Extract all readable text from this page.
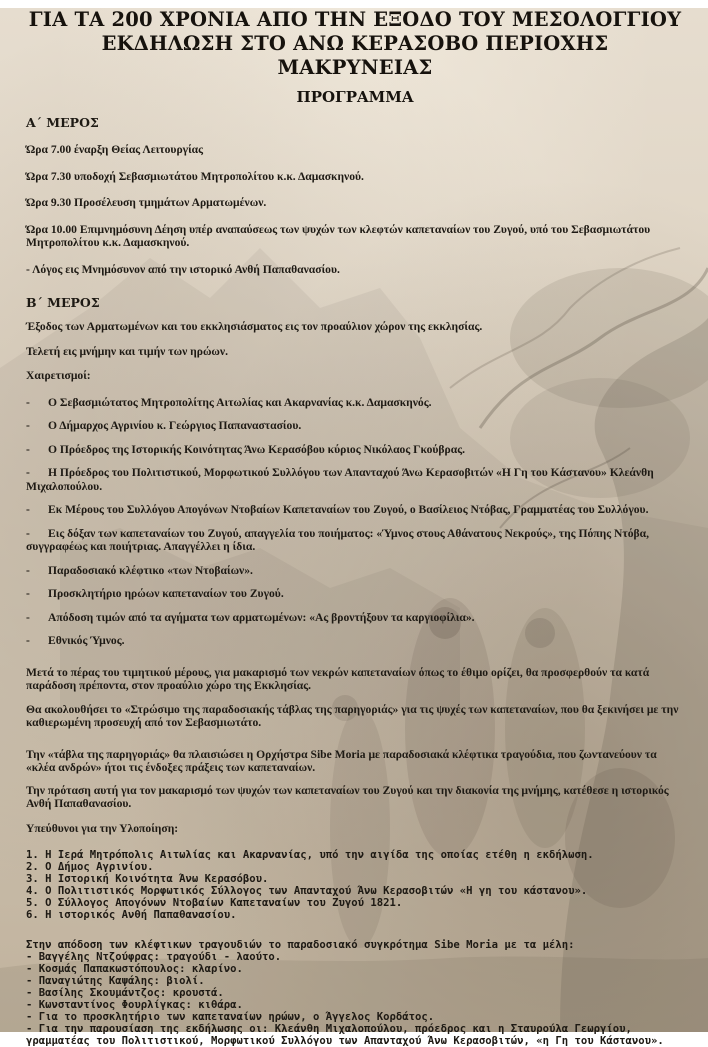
ΓΙΑ ΤΑ 200 ΧΡΟΝΙΑ ΑΠΟ ΤΗΝ ΕΞΟΔΟ ΤΟΥ ΜΕΣΟΛΟΓΓΙΟΥ
ΕΚΔΗΛΩΣΗ ΣΤΟ ΑΝΩ ΚΕΡΑΣΟΒΟ ΠΕΡΙΟΧΗΣ ΜΑΚΡΥΝΕΙΑΣ
ΠΡΟΓΡΑΜΜΑ
Α΄ ΜΕΡΟΣ
Ώρα 7.00 έναρξη Θείας Λειτουργίας
Ώρα 7.30 υποδοχή Σεβασμιωτάτου Μητροπολίτου κ.κ. Δαμασκηνού.
Ώρα 9.30 Προσέλευση τμημάτων Αρματωμένων.
Ώρα 10.00 Επιμνημόσυνη Δέηση υπέρ αναπαύσεως των ψυχών των κλεφτών καπεταναίων του Ζυγού, υπό του Σεβασμιωτάτου Μητροπολίτου κ.κ. Δαμασκηνού.
- Λόγος εις Μνημόσυνον από την ιστορικό Ανθή Παπαθανασίου.
Β΄ ΜΕΡΟΣ
Έξοδος των Αρματωμένων και του εκκλησιάσματος εις τον προαύλιον χώρον της εκκλησίας.
Τελετή εις μνήμην και τιμήν των ηρώων.
Χαιρετισμοί:
- Ο Σεβασμιώτατος Μητροπολίτης Αιτωλίας και Ακαρνανίας κ.κ. Δαμασκηνός.
- Ο Δήμαρχος Αγρινίου κ. Γεώργιος Παπαναστασίου.
- Ο Πρόεδρος της Ιστορικής Κοινότητας Άνω Κερασόβου κύριος Νικόλαος Γκούβρας.
- Η Πρόεδρος του Πολιτιστικού, Μορφωτικού Συλλόγου των Απανταχού Άνω Κερασοβιτών «Η Γη του Κάστανου» Κλεάνθη Μιχαλοπούλου.
- Εκ Μέρους του Συλλόγου Απογόνων Ντοβαίων Καπεταναίων του Ζυγού, ο Βασίλειος Ντόβας, Γραμματέας του Συλλόγου.
- Εις δόξαν των καπεταναίων του Ζυγού, απαγγελία του ποιήματος: «Ύμνος στους Αθάνατους Νεκρούς», της Πόπης Ντόβα, συγγραφέως και ποιήτριας. Απαγγέλλει η ίδια.
- Παραδοσιακό κλέφτικο «των Ντοβαίων».
- Προσκλητήριο ηρώων καπεταναίων του Ζυγού.
- Απόδοση τιμών από τα αγήματα των αρματωμένων: «Ας βροντήξουν τα καργιοφίλια».
- Εθνικός Ύμνος.
Μετά το πέρας του τιμητικού μέρους, για μακαρισμό των νεκρών καπεταναίων όπως το έθιμο ορίζει, θα προσφερθούν τα κατά παράδοση πρέποντα, στον προαύλιο χώρο της Εκκλησίας.
Θα ακολουθήσει το «Στρώσιμο της παραδοσιακής τάβλας της παρηγοριάς» για τις ψυχές των καπεταναίων, που θα ξεκινήσει με την καθιερωμένη προσευχή από τον Σεβασμιωτάτο.
Την «τάβλα της παρηγοριάς» θα πλαισιώσει η Ορχήστρα Sibe Moria με παραδοσιακά κλέφτικα τραγούδια, που ζωντανεύουν τα «κλέα ανδρών» ήτοι τις ένδοξες πράξεις των καπεταναίων.
Την πρόταση αυτή για τον μακαρισμό των ψυχών των καπεταναίων του Ζυγού και την διακονία της μνήμης, κατέθεσε η ιστορικός Ανθή Παπαθανασίου.
Υπεύθυνοι για την Υλοποίηση:
1. Η Ιερά Μητρόπολις Αιτωλίας και Ακαρνανίας, υπό την αιγίδα της οποίας ετέθη η εκδήλωση.
2. Ο Δήμος Αγρινίου.
3. Η Ιστορική Κοινότητα Άνω Κερασόβου.
4. Ο Πολιτιστικός Μορφωτικός Σύλλογος των Απανταχού Άνω Κερασοβιτών «Η γη του κάστανου».
5. Ο Σύλλογος Απογόνων Ντοβαίων Καπεταναίων του Ζυγού 1821.
6. Η ιστορικός Ανθή Παπαθανασίου.
Στην απόδοση των κλέφτικων τραγουδιών το παραδοσιακό συγκρότημα Sibe Moria με τα μέλη:
- Βαγγέλης Ντζούφρας: τραγούδι - λαούτο.
- Κοσμάς Παπακωστόπουλος: κλαρίνο.
- Παναγιώτης Καψάλης: βιολί.
- Βασίλης Σκουμάντζος: κρουστά.
- Κωνσταντίνος Φουρλίγκας: κιθάρα.
- Για το προσκλητήριο των καπεταναίων ηρώων, ο Άγγελος Κορδάτος.
- Για την παρουσίαση της εκδήλωσης οι: Κλεάνθη Μιχαλοπούλου, πρόεδρος και η Σταυρούλα Γεωργίου, γραμματέας του Πολιτιστικού, Μορφωτικού Συλλόγου των Απανταχού Άνω Κερασοβιτών, «η Γη του Κάστανου».
